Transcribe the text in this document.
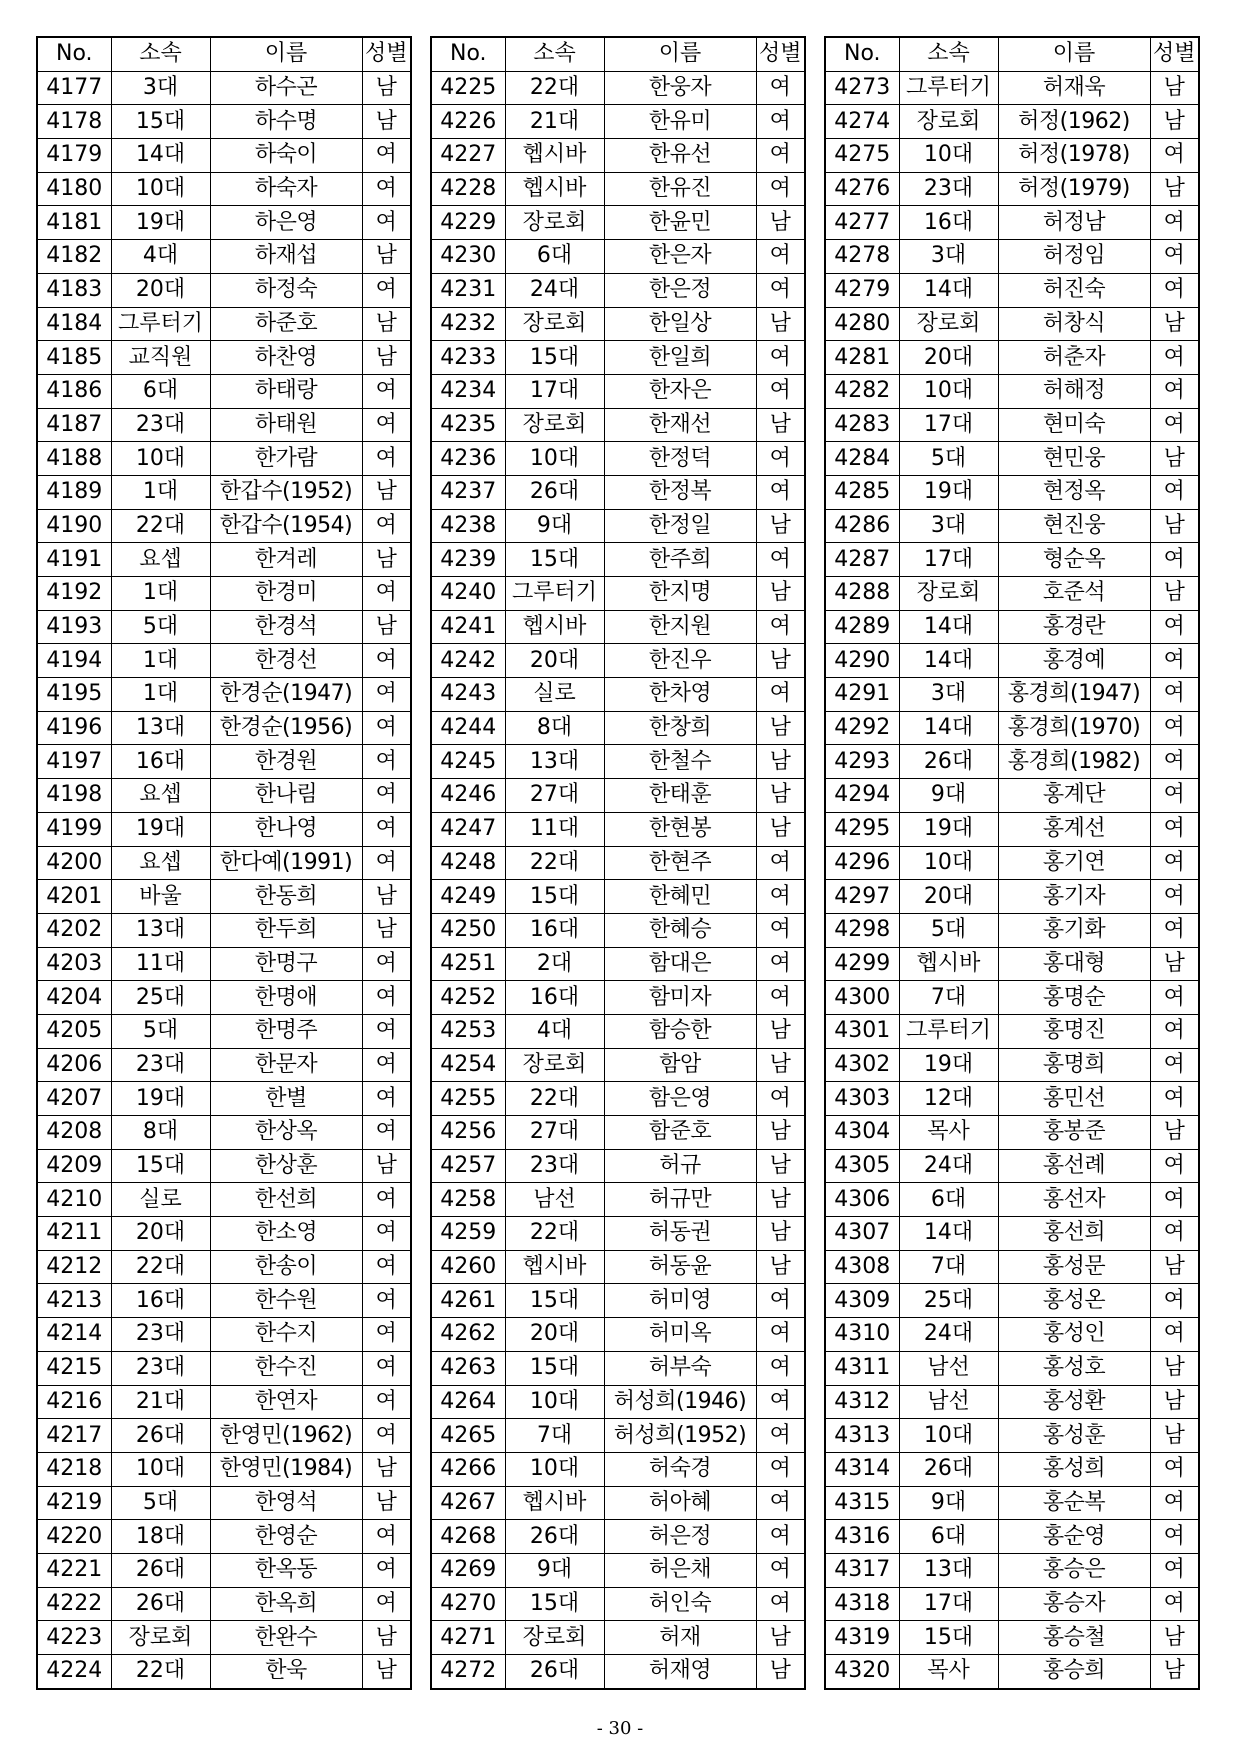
No.	소속	이름	성별
4177	3대	하수곤	남
4178	15대	하수명	남
4179	14대	하숙이	여
4180	10대	하숙자	여
4181	19대	하은영	여
4182	4대	하재섭	남
4183	20대	하정숙	여
4184	그루터기	하준호	남
4185	교직원	하찬영	남
4186	6대	하태랑	여
4187	23대	하태원	여
4188	10대	한가람	여
4189	1대	한갑수(1952)	남
4190	22대	한갑수(1954)	여
4191	요셉	한겨레	남
4192	1대	한경미	여
4193	5대	한경석	남
4194	1대	한경선	여
4195	1대	한경순(1947)	여
4196	13대	한경순(1956)	여
4197	16대	한경원	여
4198	요셉	한나림	여
4199	19대	한나영	여
4200	요셉	한다예(1991)	여
4201	바울	한동희	남
4202	13대	한두희	남
4203	11대	한명구	여
4204	25대	한명애	여
4205	5대	한명주	여
4206	23대	한문자	여
4207	19대	한별	여
4208	8대	한상옥	여
4209	15대	한상훈	남
4210	실로	한선희	여
4211	20대	한소영	여
4212	22대	한송이	여
4213	16대	한수원	여
4214	23대	한수지	여
4215	23대	한수진	여
4216	21대	한연자	여
4217	26대	한영민(1962)	여
4218	10대	한영민(1984)	남
4219	5대	한영석	남
4220	18대	한영순	여
4221	26대	한옥동	여
4222	26대	한옥희	여
4223	장로회	한완수	남
4224	22대	한욱	남
No.	소속	이름	성별
4225	22대	한웅자	여
4226	21대	한유미	여
4227	헵시바	한유선	여
4228	헵시바	한유진	여
4229	장로회	한윤민	남
4230	6대	한은자	여
4231	24대	한은정	여
4232	장로회	한일상	남
4233	15대	한일희	여
4234	17대	한자은	여
4235	장로회	한재선	남
4236	10대	한정덕	여
4237	26대	한정복	여
4238	9대	한정일	남
4239	15대	한주희	여
4240	그루터기	한지명	남
4241	헵시바	한지원	여
4242	20대	한진우	남
4243	실로	한차영	여
4244	8대	한창희	남
4245	13대	한철수	남
4246	27대	한태훈	남
4247	11대	한현봉	남
4248	22대	한현주	여
4249	15대	한혜민	여
4250	16대	한혜승	여
4251	2대	함대은	여
4252	16대	함미자	여
4253	4대	함승한	남
4254	장로회	함암	남
4255	22대	함은영	여
4256	27대	함준호	남
4257	23대	허규	남
4258	남선	허규만	남
4259	22대	허동권	남
4260	헵시바	허동윤	남
4261	15대	허미영	여
4262	20대	허미옥	여
4263	15대	허부숙	여
4264	10대	허성희(1946)	여
4265	7대	허성희(1952)	여
4266	10대	허숙경	여
4267	헵시바	허아혜	여
4268	26대	허은정	여
4269	9대	허은채	여
4270	15대	허인숙	여
4271	장로회	허재	남
4272	26대	허재영	남
No.	소속	이름	성별
4273	그루터기	허재욱	남
4274	장로회	허정(1962)	남
4275	10대	허정(1978)	여
4276	23대	허정(1979)	남
4277	16대	허정남	여
4278	3대	허정임	여
4279	14대	허진숙	여
4280	장로회	허창식	남
4281	20대	허춘자	여
4282	10대	허해정	여
4283	17대	현미숙	여
4284	5대	현민웅	남
4285	19대	현정옥	여
4286	3대	현진웅	남
4287	17대	형순옥	여
4288	장로회	호준석	남
4289	14대	홍경란	여
4290	14대	홍경예	여
4291	3대	홍경희(1947)	여
4292	14대	홍경희(1970)	여
4293	26대	홍경희(1982)	여
4294	9대	홍계단	여
4295	19대	홍계선	여
4296	10대	홍기연	여
4297	20대	홍기자	여
4298	5대	홍기화	여
4299	헵시바	홍대형	남
4300	7대	홍명순	여
4301	그루터기	홍명진	여
4302	19대	홍명희	여
4303	12대	홍민선	여
4304	목사	홍봉준	남
4305	24대	홍선례	여
4306	6대	홍선자	여
4307	14대	홍선희	여
4308	7대	홍성문	남
4309	25대	홍성온	여
4310	24대	홍성인	여
4311	남선	홍성호	남
4312	남선	홍성환	남
4313	10대	홍성훈	남
4314	26대	홍성희	여
4315	9대	홍순복	여
4316	6대	홍순영	여
4317	13대	홍승은	여
4318	17대	홍승자	여
4319	15대	홍승철	남
4320	목사	홍승희	남
- 30 -
